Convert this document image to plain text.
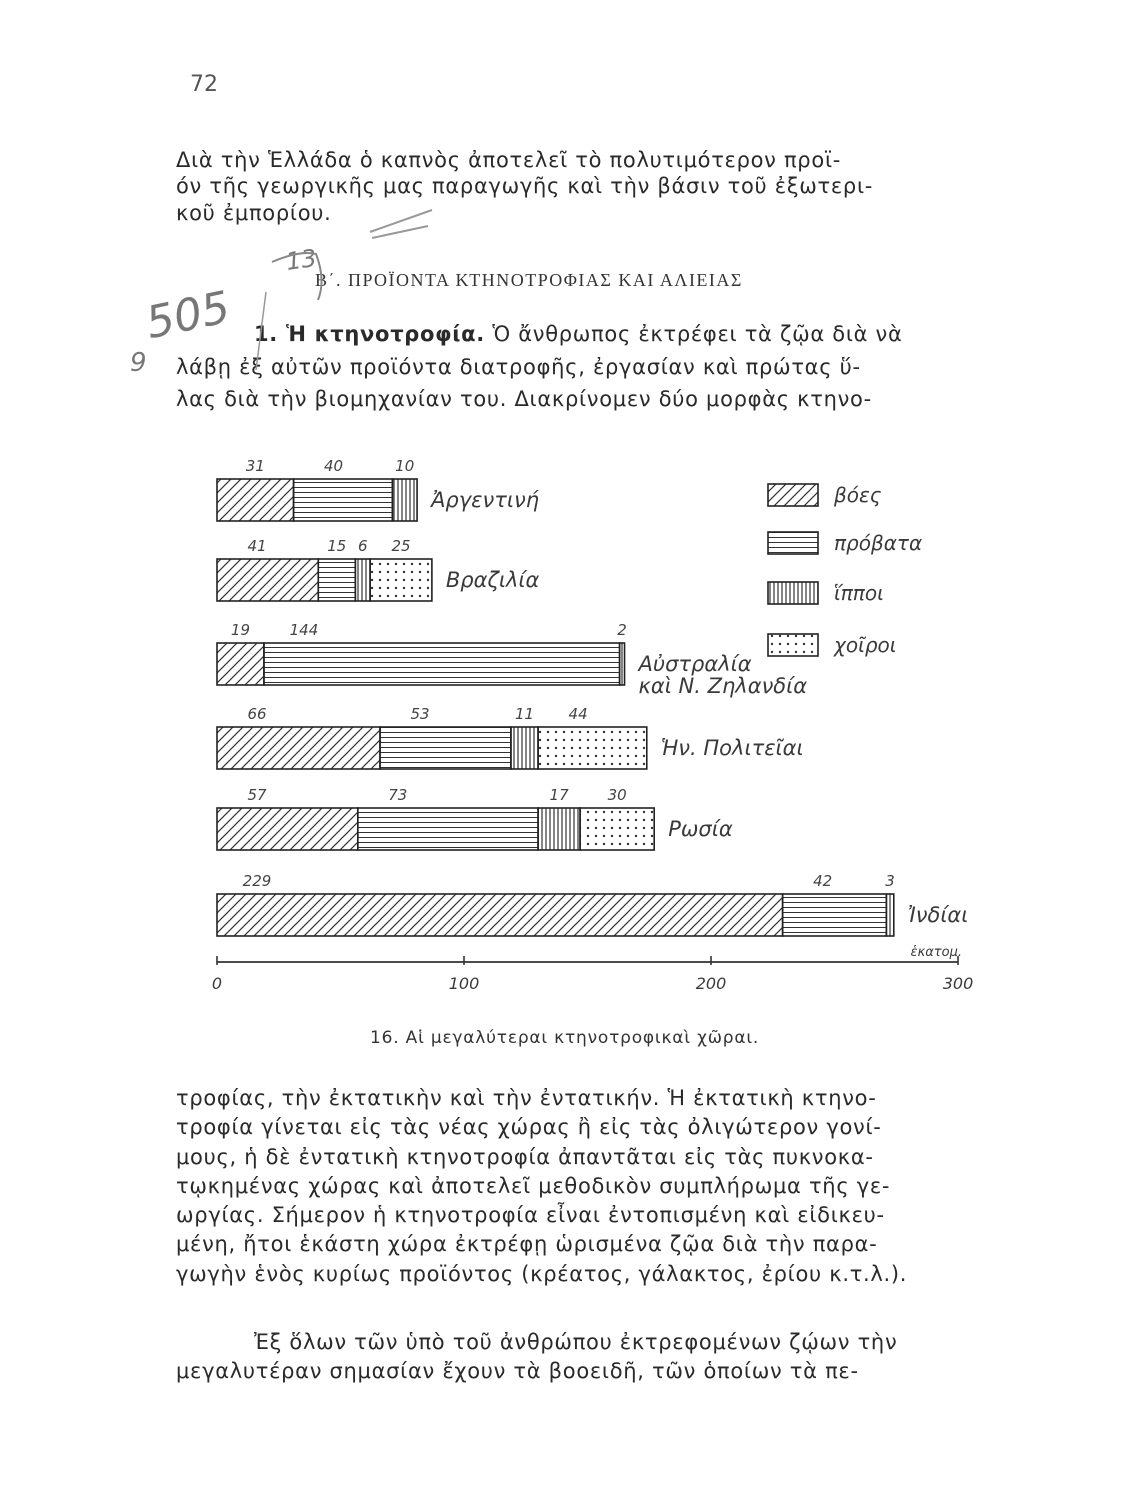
72

Διὰ τὴν Ἑλλάδα ὁ καπνὸς ἀποτελεῖ τὸ πολυτιμότερον προϊ-
όν τῆς γεωργικῆς μας παραγωγῆς καὶ τὴν βάσιν τοῦ ἐξωτερι-
κοῦ ἐμπορίου.

Β΄. ΠΡΟΪΟΝΤΑ ΚΤΗΝΟΤΡΟΦΙΑΣ ΚΑΙ ΑΛΙΕΙΑΣ

1. Ἡ κτηνοτροφία. Ὁ ἄνθρωπος ἐκτρέφει τὰ ζῷα διὰ νὰ
λάβῃ ἐξ αὐτῶν προϊόντα διατροφῆς, ἐργασίαν καὶ πρώτας ὕ-
λας διὰ τὴν βιομηχανίαν του. Διακρίνομεν δύο μορφὰς κτηνο-

505
13
9
31	40	10
Ἀργεντινή
41	15 6 25
Βραζιλία
19	144	2
Αὐστραλία
καὶ Ν. Ζηλανδία
66	53	11 44
Ἡν. Πολιτεῖαι
57	73	17	30
Ρωσία
229	42	3
Ἰνδίαι
βόες
πρόβατα
ἵπποι
χοῖροι
0	100	200	300
ἑκατομ.
16. Αἱ μεγαλύτεραι κτηνοτροφικαὶ χῶραι.

τροφίας, τὴν ἐκτατικὴν καὶ τὴν ἐντατικήν. Ἡ ἐκτατικὴ κτηνο-
τροφία γίνεται εἰς τὰς νέας χώρας ἢ εἰς τὰς ὀλιγώτερον γονί-
μους, ἡ δὲ ἐντατικὴ κτηνοτροφία ἀπαντᾶται εἰς τὰς πυκνοκα-
τῳκημένας χώρας καὶ ἀποτελεῖ μεθοδικὸν συμπλήρωμα τῆς γε-
ωργίας. Σήμερον ἡ κτηνοτροφία εἶναι ἐντοπισμένη καὶ εἰδικευ-
μένη, ἤτοι ἑκάστη χώρα ἐκτρέφῃ ὡρισμένα ζῷα διὰ τὴν παρα-
γωγὴν ἑνὸς κυρίως προϊόντος (κρέατος, γάλακτος, ἐρίου κ.τ.λ.).

Ἐξ ὅλων τῶν ὑπὸ τοῦ ἀνθρώπου ἐκτρεφομένων ζῴων τὴν
μεγαλυτέραν σημασίαν ἔχουν τὰ βοοειδῆ, τῶν ὁποίων τὰ πε-
